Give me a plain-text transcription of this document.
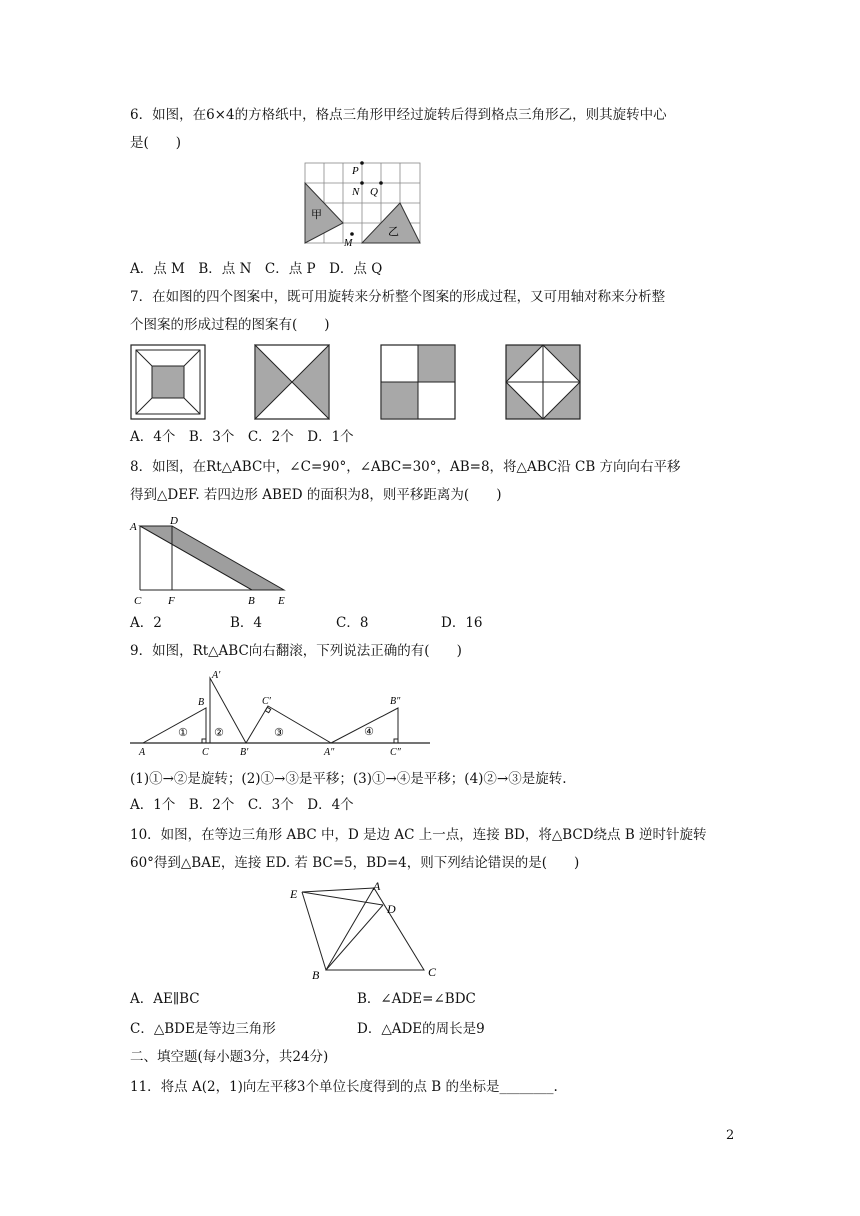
6．如图，在6×4的方格纸中，格点三角形甲经过旋转后得到格点三角形乙，则其旋转中心
是(　　)
P
N Q
M
甲
乙
A．点 M　B．点 N　C．点 P　D．点 Q
7．在如图的四个图案中，既可用旋转来分析整个图案的形成过程，又可用轴对称来分析整
个图案的形成过程的图案有(　　)
A．4个　B．3个　C．2个　D．1个
8．如图，在Rt△ABC中，∠C=90°，∠ABC=30°，AB=8，将△ABC沿 CB 方向向右平移
得到△DEF. 若四边形 ABED 的面积为8，则平移距离为(　　)
A	D
C F	B E
A．2	B．4	C．8	D．16
9．如图，Rt△ABC向右翻滚，下列说法正确的有(　　)
A	C
B
A′
B′
C′
A″	C″
B″
① ②	③	④
(1)①→②是旋转；(2)①→③是平移；(3)①→④是平移；(4)②→③是旋转.
A．1个　B．2个　C．3个　D．4个
10．如图，在等边三角形 ABC 中，D 是边 AC 上一点，连接 BD，将△BCD绕点 B 逆时针旋转
60°得到△BAE，连接 ED. 若 BC=5，BD=4，则下列结论错误的是(　　)
E
A
D
B	C
A．AE∥BC	B．∠ADE=∠BDC
C．△BDE是等边三角形	D．△ADE的周长是9
二、填空题(每小题3分，共24分)
11．将点 A(2，1)向左平移3个单位长度得到的点 B 的坐标是________.
2
